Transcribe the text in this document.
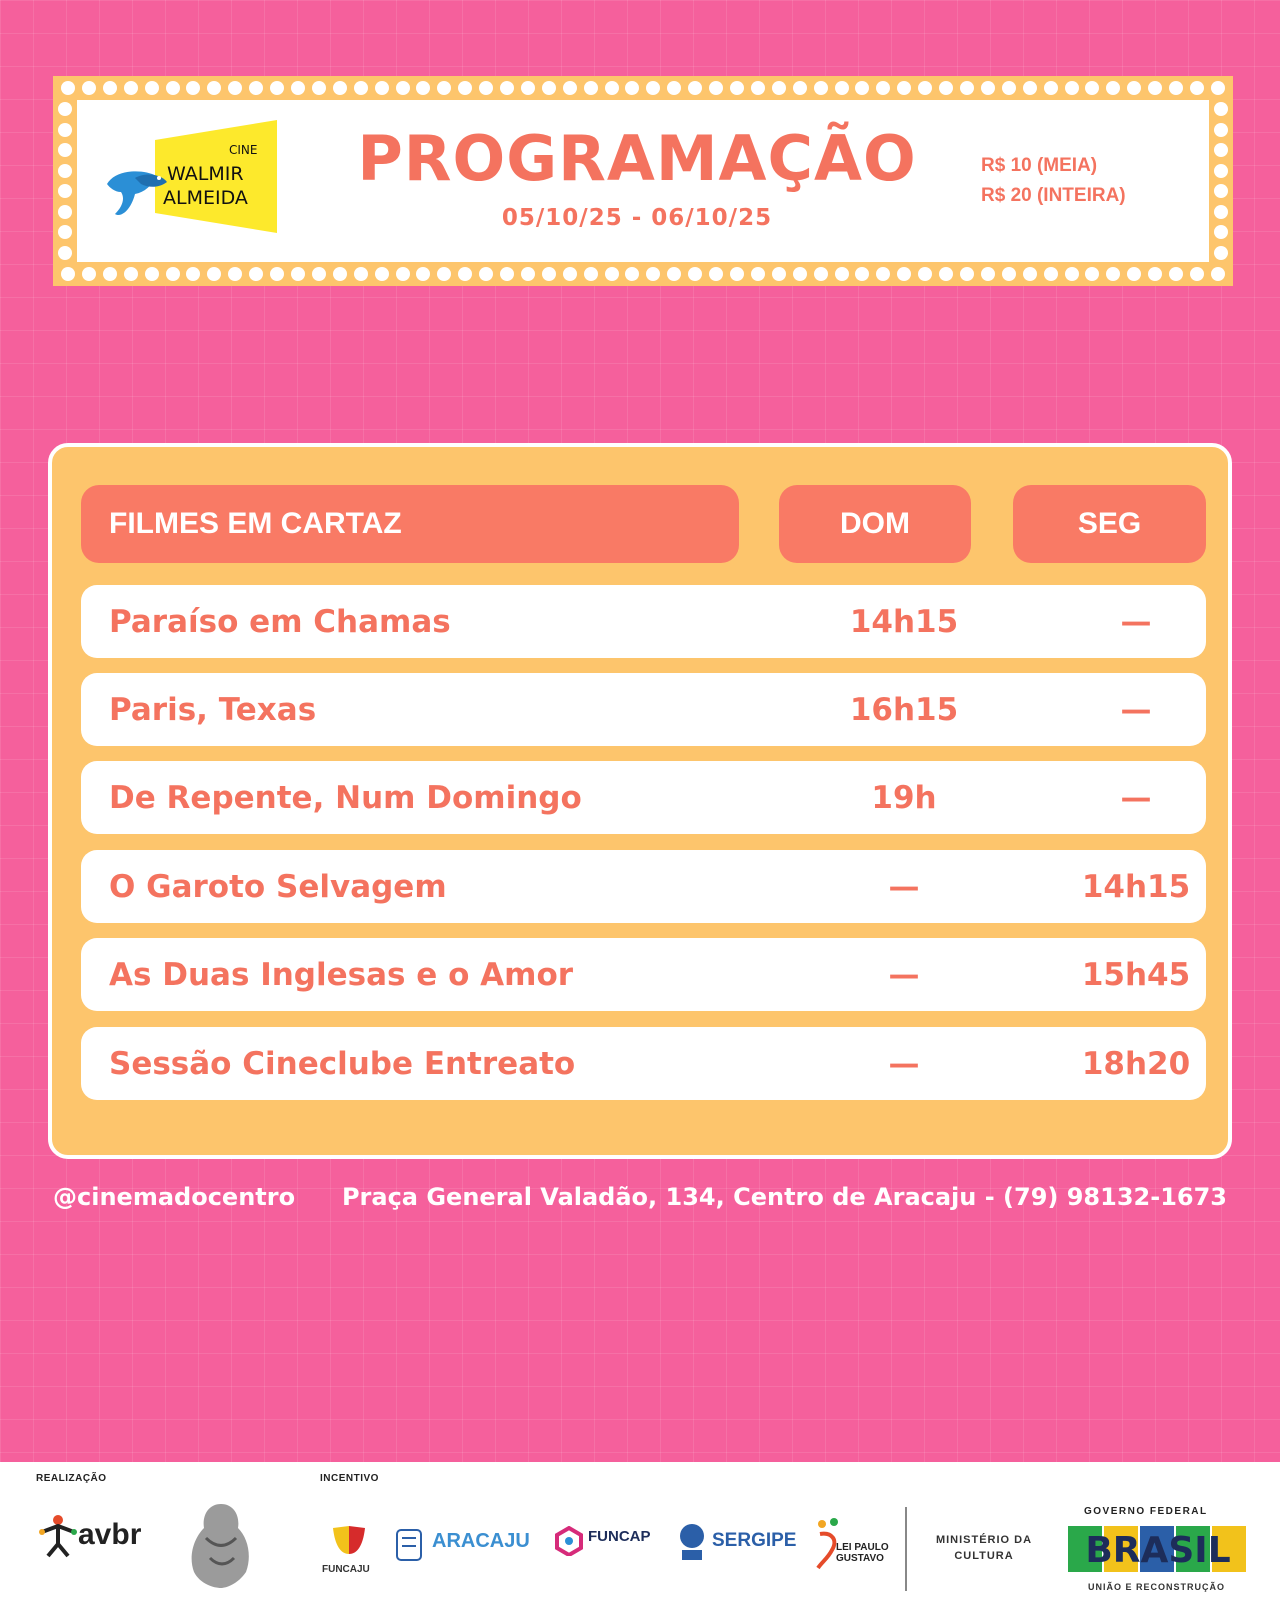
CINE
WALMIR
ALMEIDA
PROGRAMAÇÃO
05/10/25 - 06/10/25
R$ 10 (MEIA)
R$ 20 (INTEIRA)
FILMES EM CARTAZ	DOM	SEG
Paraíso em Chamas	14h15	—
Paris, Texas	16h15	—
De Repente, Num Domingo	19h	—
O Garoto Selvagem	—	14h15
As Duas Inglesas e o Amor	—	15h45
Sessão Cineclube Entreato	—	18h20
@cinemadocentro Praça General Valadão, 134, Centro de Aracaju - (79) 98132-1673
REALIZAÇÃO	INCENTIVO
avbr
FUNCAJU
ARACAJU	FUNCAP	SERGIPE	LEI PAULO GUSTAVO
MINISTÉRIO DA CULTURA
GOVERNO FEDERAL
BRASIL
UNIÃO E RECONSTRUÇÃO
